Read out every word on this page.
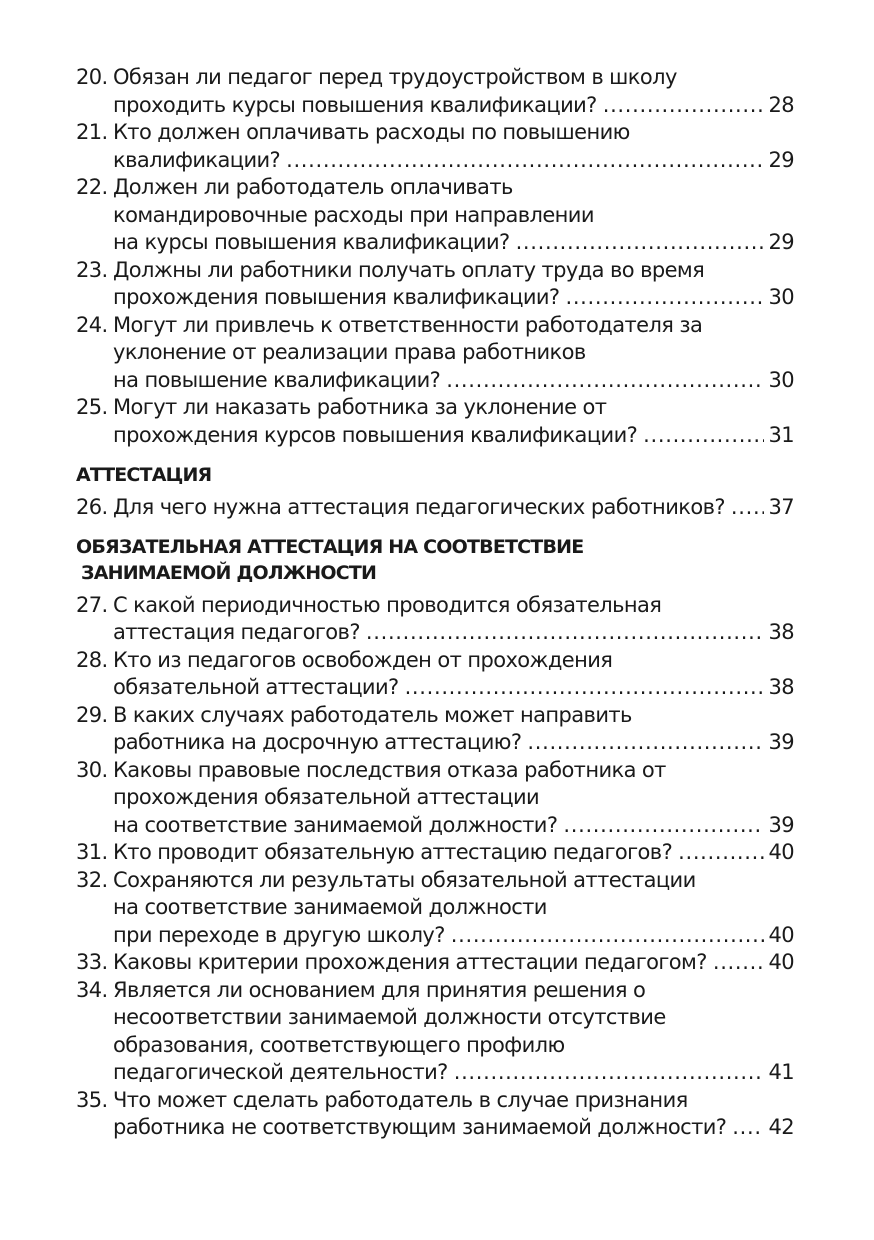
20. Обязан ли педагог перед трудоустройством в школу
проходить курсы повышения квалификации? . . .	28
21. Кто должен оплачивать расходы по повышению
квалификации? . . .	29
22. Должен ли работодатель оплачивать
командировочные расходы при направлении
на курсы повышения квалификации? . . .	29
23. Должны ли работники получать оплату труда во время
прохождения повышения квалификации? . . .	30
24. Могут ли привлечь к ответственности работодателя за
уклонение от реализации права работников
на повышение квалификации? . . .	30
25. Могут ли наказать работника за уклонение от
прохождения курсов повышения квалификации? . . .	31
АТТЕСТАЦИЯ
26. Для чего нужна аттестация педагогических работников? . . . 37
ОБЯЗАТЕЛЬНАЯ АТТЕСТАЦИЯ НА СООТВЕТСТВИЕ
ЗАНИМАЕМОЙ ДОЛЖНОСТИ
27. С какой периодичностью проводится обязательная
аттестация педагогов? . . .	38
28. Кто из педагогов освобожден от прохождения
обязательной аттестации? . . .	38
29. В каких случаях работодатель может направить
работника на досрочную аттестацию? . . .	39
30. Каковы правовые последствия отказа работника от
прохождения обязательной аттестации
на соответствие занимаемой должности? . . .	39
31. Кто проводит обязательную аттестацию педагогов? . . .	40
32. Сохраняются ли результаты обязательной аттестации
на соответствие занимаемой должности
при переходе в другую школу? . . .	40
33. Каковы критерии прохождения аттестации педагогом? . . .	40
34. Является ли основанием для принятия решения о
несоответствии занимаемой должности отсутствие
образования, соответствующего профилю
педагогической деятельности? . . .	41
35. Что может сделать работодатель в случае признания
работника не соответствующим занимаемой должности? . . . 42
